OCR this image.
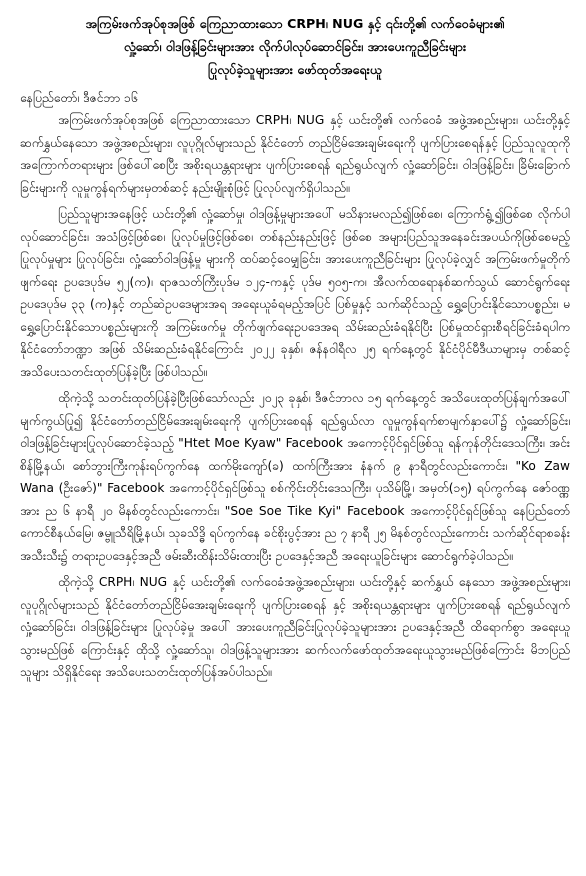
အကြမ်းဖက်အုပ်စုအဖြစ် ကြေညာထားသော CRPH၊ NUG နှင့် ၎င်းတို့၏ လက်ဝေခံများ၏
လှုံ့ဆော်၊ ဝါဒဖြန့်ခြင်းများအား လိုက်ပါလုပ်ဆောင်ခြင်း၊ အားပေးကူညီခြင်းများ
ပြုလုပ်ခဲ့သူများအား ဖော်ထုတ်အရေးယူ

နေပြည်တော်၊ ဒီဇင်ဘာ ၁၆

အကြမ်းဖက်အုပ်စုအဖြစ် ကြေညာထားသော CRPH၊ NUG နှင့် ယင်းတို့၏ လက်ဝေခံ အဖွဲ့အစည်းများ၊ ယင်းတို့နှင့် ဆက်နွှယ်နေသော အဖွဲ့အစည်းများ၊ လူပုဂ္ဂိုလ်များသည် နိုင်ငံတော် တည်ငြိမ်အေးချမ်းရေးကို ပျက်ပြားစေရန်နှင့် ပြည်သူလူထုကို အကြောက်တရားများ ဖြစ်ပေါ်စေပြီး အစိုးရယန္တရားများ ပျက်ပြားစေရန် ရည်ရွယ်လျက် လှုံ့ဆော်ခြင်း၊ ဝါဒဖြန့်ခြင်း၊ ခြိမ်းခြောက်ခြင်းများကို လူမှုကွန်ရက်များမှတစ်ဆင့် နည်းမျိုးစုံဖြင့် ပြုလုပ်လျက်ရှိပါသည်။

ပြည်သူများအနေဖြင့် ယင်းတို့၏ လှုံ့ဆော်မှု၊ ဝါဒဖြန့်မှုများအပေါ် မသိနားမလည်၍ဖြစ်စေ၊ ကြောက်ရွံ့၍ဖြစ်စေ လိုက်ပါလုပ်ဆောင်ခြင်း၊ အသံဖြင့်ဖြစ်စေ၊ ပြုလုပ်မှုဖြင့်ဖြစ်စေ၊ တစ်နည်းနည်းဖြင့် ဖြစ်စေ အများပြည်သူအနေခင်းအပယ်ကိုဖြစ်စေမည့် ပြုလုပ်မှုများ ပြုလုပ်ခြင်း၊ လှုံ့ဆော်ဝါဒဖြန့်မှု များကို ထပ်ဆင့်ဝေမျှခြင်း၊ အားပေးကူညီခြင်းများ ပြုလုပ်ခဲ့လျှင် အကြမ်းဖက်မှုတိုက်ဖျက်ရေး ဥပဒေပုဒ်မ ၅၂(က)၊ ရာဇသတ်ကြီးပုဒ်မ ၁၂၄-ကနှင့် ပုဒ်မ ၅၀၅-က၊ အီလက်ထရောနစ်ဆက်သွယ် ဆောင်ရွက်ရေးဥပဒေပုဒ်မ ၃၃ (က)နှင့် တည်ဆဲဥပဒေများအရ အရေးယူခံရမည့်အပြင် ပြစ်မှုနှင့် သက်ဆိုင်သည့် ရွှေ့ပြောင်းနိုင်သောပစ္စည်း၊ မရွှေ့ပြောင်းနိုင်သောပစ္စည်းများကို အကြမ်းဖက်မှု တိုက်ဖျက်ရေးဥပဒေအရ သိမ်းဆည်းခံရနိုင်ပြီး ပြစ်မှုထင်ရှားစီရင်ခြင်းခံရပါက နိုင်ငံတော်ဘဏ္ဍာ အဖြစ် သိမ်းဆည်းခံရနိုင်ကြောင်း ၂၀၂၂ ခုနှစ်၊ ဇန်နဝါရီလ ၂၅ ရက်နေ့တွင် နိုင်ငံပိုင်မီဒီယာများမှ တစ်ဆင့် အသိပေးသတင်းထုတ်ပြန်ခဲ့ပြီး ဖြစ်ပါသည်။

ထိုကဲ့သို့ သတင်းထုတ်ပြန်ခဲ့ပြီးဖြစ်သော်လည်း ၂၀၂၃ ခုနှစ်၊ ဒီဇင်ဘာလ ၁၅ ရက်နေ့တွင် အသိပေးထုတ်ပြန်ချက်အပေါ် မျက်ကွယ်ပြု၍ နိုင်ငံတော်တည်ငြိမ်အေးချမ်းရေးကို ပျက်ပြားစေရန် ရည်ရွယ်လာ လူမှုကွန်ရက်စာမျက်နှာပေါ်၌ လှုံ့ဆော်ခြင်း၊ ဝါဒဖြန့်ခြင်းများပြုလုပ်ဆောင်ခဲ့သည့် "Htet Moe Kyaw" Facebook အကောင့်ပိုင်ရှင်ဖြစ်သူ ရန်ကုန်တိုင်းဒေသကြီး၊ အင်းစိန်မြို့နယ်၊ စော်ဘွားကြီးကုန်းရပ်ကွက်နေ ထက်မိုးကျော်(ခ) ထက်ကြီးအား နံနက် ၉ နာရီတွင်လည်းကောင်း၊ "Ko Zaw Wana (ဦးဇော်)" Facebook အကောင့်ပိုင်ရှင်ဖြစ်သူ စစ်ကိုင်းတိုင်းဒေသကြီး၊ ပုသိမ်မြို့၊ အမှတ်(၁၅) ရပ်ကွက်နေ ဇော်ဝဏ္ဏအား ည ၆ နာရီ ၂၀ မိနစ်တွင်လည်းကောင်း၊ "Soe Soe Tike Kyi" Facebook အကောင့်ပိုင်ရှင်ဖြစ်သူ နေပြည်တော်ကောင်စီနယ်မြေ၊ ဇမ္ဗူသီရိမြို့နယ်၊ သုခသိဒ္ဓိ ရပ်ကွက်နေ ခင်စိုးပွင့်အား ည ၇ နာရီ ၂၅ မိနစ်တွင်လည်းကောင်း သက်ဆိုင်ရာစခန်းအသီးသီး၌ တရားဥပဒေနှင့်အညီ ဖမ်းဆီးထိန်းသိမ်းထားပြီး ဥပဒေနှင့်အညီ အရေးယူခြင်းများ ဆောင်ရွက်ခဲ့ပါသည်။

ထိုကဲ့သို့ CRPH၊ NUG နှင့် ယင်းတို့၏ လက်ဝေခံအဖွဲ့အစည်းများ၊ ယင်းတို့နှင့် ဆက်နွှယ် နေသော အဖွဲ့အစည်းများ၊ လူပုဂ္ဂိုလ်များသည် နိုင်ငံတော်တည်ငြိမ်အေးချမ်းရေးကို ပျက်ပြားစေရန် နှင့် အစိုးရယန္တရားများ ပျက်ပြားစေရန် ရည်ရွယ်လျက် လှုံ့ဆော်ခြင်း၊ ဝါဒဖြန့်ခြင်းများ ပြုလုပ်ခဲ့မှု အပေါ် အားပေးကူညီခြင်းပြုလုပ်ခဲ့သူများအား ဥပဒေနှင့်အညီ ထိရောက်စွာ အရေးယူသွားမည်ဖြစ် ကြောင်းနှင့် ထိုသို့ လှုံ့ဆော်သူ၊ ဝါဒဖြန့်သူများအား ဆက်လက်ဖော်ထုတ်အရေးယူသွားမည်ဖြစ်ကြောင်း မိဘပြည်သူများ သိရှိနိုင်ရေး အသိပေးသတင်းထုတ်ပြန်အပ်ပါသည်။
